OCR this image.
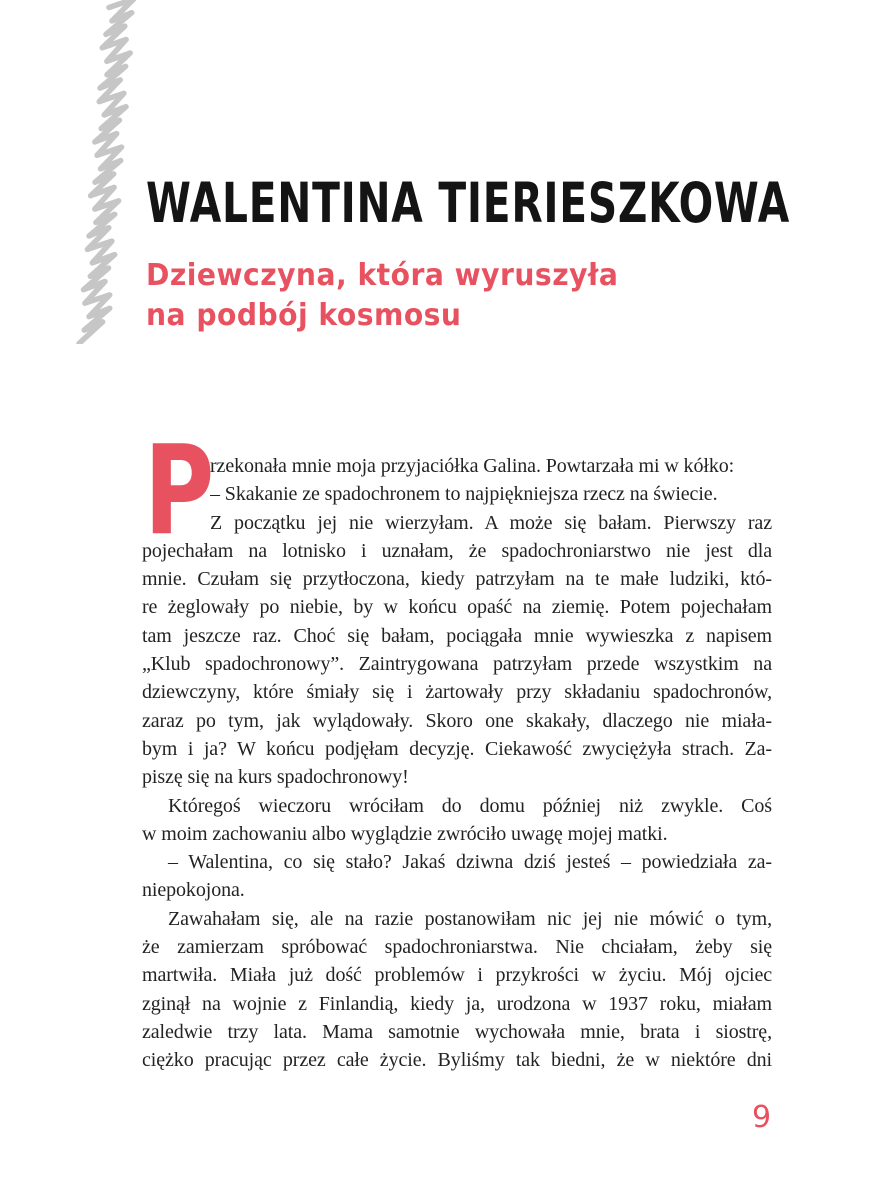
WALENTINA TIERIESZKOWA
Dziewczyna, która wyruszyła
na podbój kosmosu
P
rzekonała mnie moja przyjaciółka Galina. Powtarzała mi w kółko:
– Skakanie ze spadochronem to najpiękniejsza rzecz na świecie.
Z początku jej nie wierzyłam. A może się bałam. Pierwszy raz
pojechałam na lotnisko i uznałam, że spadochroniarstwo nie jest dla
mnie. Czułam się przytłoczona, kiedy patrzyłam na te małe ludziki, któ-
re żeglowały po niebie, by w końcu opaść na ziemię. Potem pojechałam
tam jeszcze raz. Choć się bałam, pociągała mnie wywieszka z napisem
„Klub spadochronowy”. Zaintrygowana patrzyłam przede wszystkim na
dziewczyny, które śmiały się i żartowały przy składaniu spadochronów,
zaraz po tym, jak wylądowały. Skoro one skakały, dlaczego nie miała-
bym i ja? W końcu podjęłam decyzję. Ciekawość zwyciężyła strach. Za-
piszę się na kurs spadochronowy!
Któregoś wieczoru wróciłam do domu później niż zwykle. Coś
w moim zachowaniu albo wyglądzie zwróciło uwagę mojej matki.
– Walentina, co się stało? Jakaś dziwna dziś jesteś – powiedziała za-
niepokojona.
Zawahałam się, ale na razie postanowiłam nic jej nie mówić o tym,
że zamierzam spróbować spadochroniarstwa. Nie chciałam, żeby się
martwiła. Miała już dość problemów i przykrości w życiu. Mój ojciec
zginął na wojnie z Finlandią, kiedy ja, urodzona w 1937 roku, miałam
zaledwie trzy lata. Mama samotnie wychowała mnie, brata i siostrę,
ciężko pracując przez całe życie. Byliśmy tak biedni, że w niektóre dni
9
